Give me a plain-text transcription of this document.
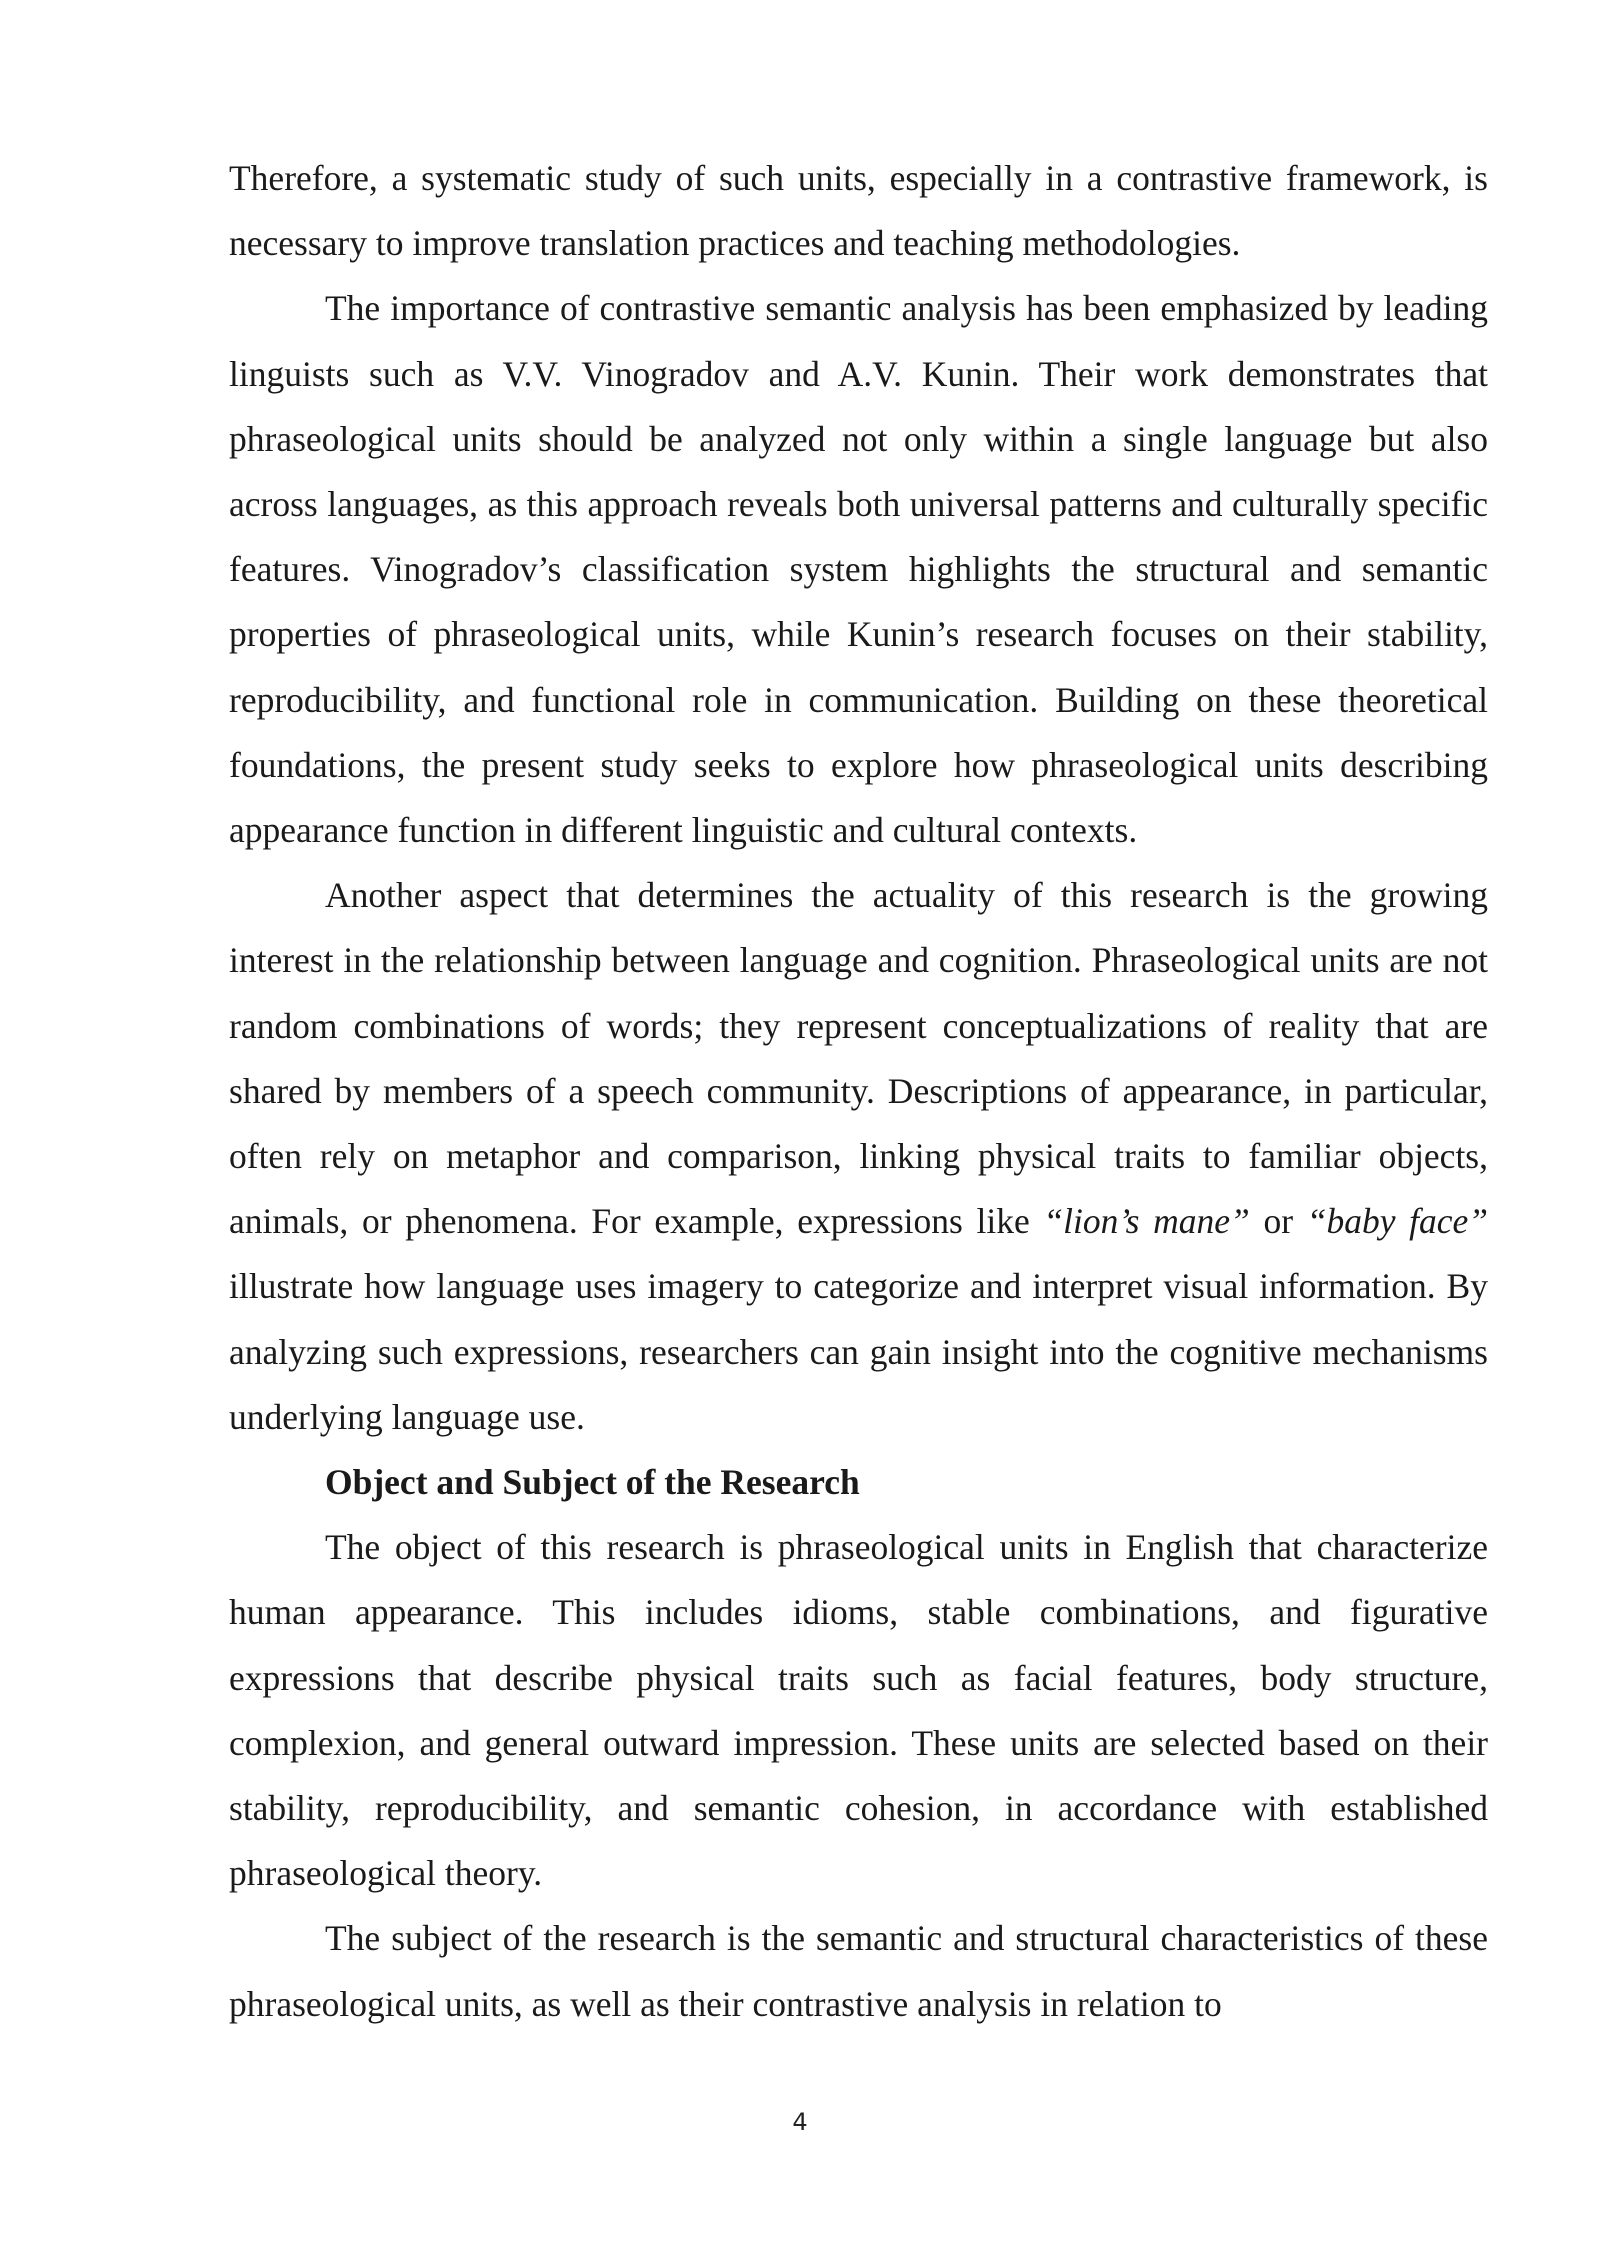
Therefore, a systematic study of such units, especially in a contrastive framework, is necessary to improve translation practices and teaching methodologies.

The importance of contrastive semantic analysis has been emphasized by leading linguists such as V.V. Vinogradov and A.V. Kunin. Their work demonstrates that phraseological units should be analyzed not only within a single language but also across languages, as this approach reveals both universal patterns and culturally specific features. Vinogradov’s classification system highlights the structural and semantic properties of phraseological units, while Kunin’s research focuses on their stability, reproducibility, and functional role in communication. Building on these theoretical foundations, the present study seeks to explore how phraseological units describing appearance function in different linguistic and cultural contexts.

Another aspect that determines the actuality of this research is the growing interest in the relationship between language and cognition. Phraseological units are not random combinations of words; they represent conceptualizations of reality that are shared by members of a speech community. Descriptions of appearance, in particular, often rely on metaphor and comparison, linking physical traits to familiar objects, animals, or phenomena. For example, expressions like “lion’s mane” or “baby face” illustrate how language uses imagery to categorize and interpret visual information. By analyzing such expressions, researchers can gain insight into the cognitive mechanisms underlying language use.

Object and Subject of the Research

The object of this research is phraseological units in English that characterize human appearance. This includes idioms, stable combinations, and figurative expressions that describe physical traits such as facial features, body structure, complexion, and general outward impression. These units are selected based on their stability, reproducibility, and semantic cohesion, in accordance with established phraseological theory.

The subject of the research is the semantic and structural characteristics of these phraseological units, as well as their contrastive analysis in relation to

4
